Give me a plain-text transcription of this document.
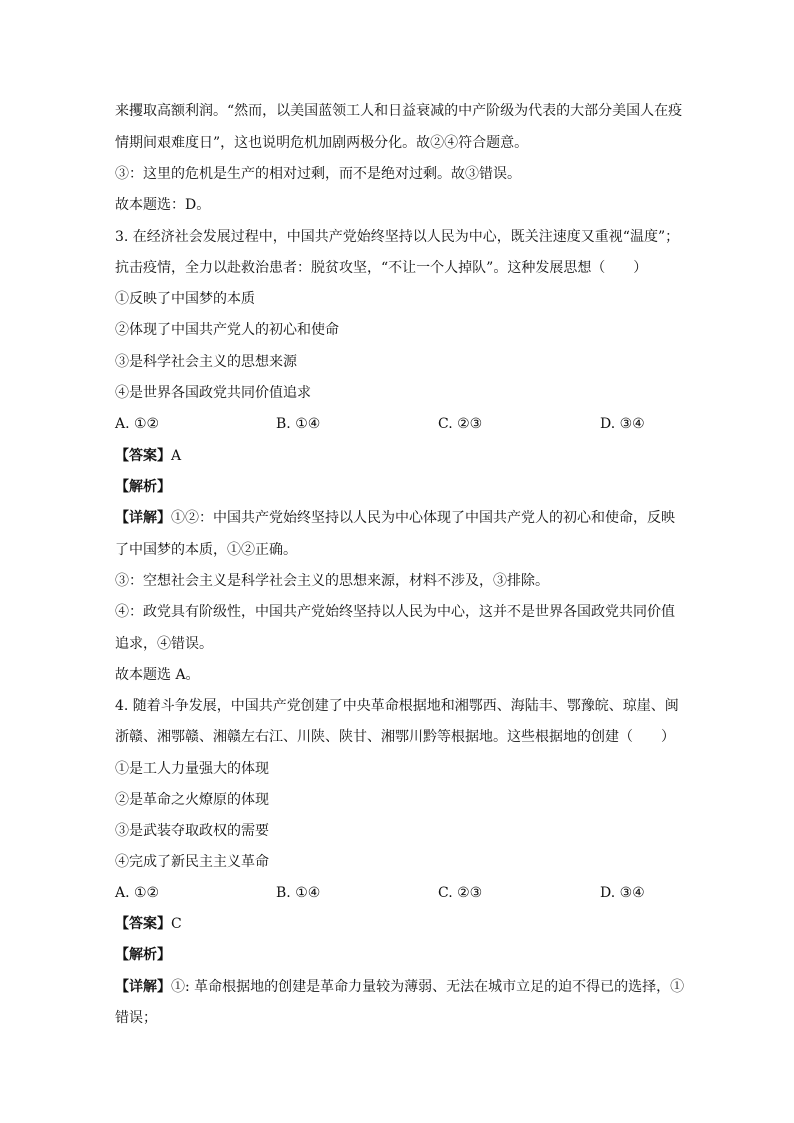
来攫取高额利润。“然而，以美国蓝领工人和日益衰减的中产阶级为代表的大部分美国人在疫
情期间艰难度日”，这也说明危机加剧两极分化。故②④符合题意。
③：这里的危机是生产的相对过剩，而不是绝对过剩。故③错误。
故本题选：D。
3. 在经济社会发展过程中，中国共产党始终坚持以人民为中心，既关注速度又重视“温度”；
抗击疫情，全力以赴救治患者：脱贫攻坚，“不让一个人掉队”。这种发展思想（　　）
①反映了中国梦的本质
②体现了中国共产党人的初心和使命
③是科学社会主义的思想来源
④是世界各国政党共同价值追求
A. ①②	B. ①④	C. ②③	D. ③④
【答案】A
【解析】
【详解】①②：中国共产党始终坚持以人民为中心体现了中国共产党人的初心和使命，反映
了中国梦的本质，①②正确。
③：空想社会主义是科学社会主义的思想来源，材料不涉及，③排除。
④：政党具有阶级性，中国共产党始终坚持以人民为中心，这并不是世界各国政党共同价值
追求，④错误。
故本题选 A。
4. 随着斗争发展，中国共产党创建了中央革命根据地和湘鄂西、海陆丰、鄂豫皖、琼崖、闽
浙赣、湘鄂赣、湘赣左右江、川陕、陕甘、湘鄂川黔等根据地。这些根据地的创建（　　）
①是工人力量强大的体现
②是革命之火燎原的体现
③是武装夺取政权的需要
④完成了新民主主义革命
A. ①②	B. ①④	C. ②③	D. ③④
【答案】C
【解析】
【详解】①: 革命根据地的创建是革命力量较为薄弱、无法在城市立足的迫不得已的选择，①
错误；
